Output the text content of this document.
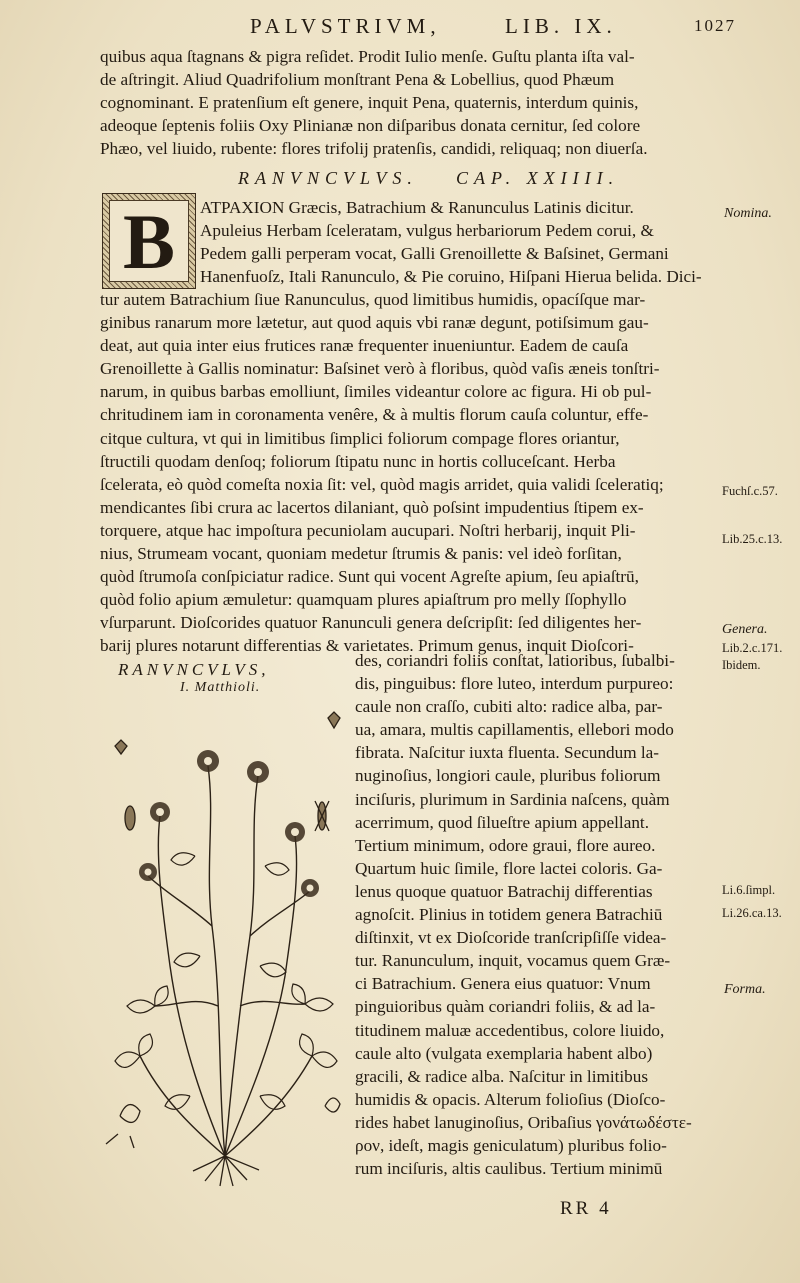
PALVSTRIVM,	LIB. IX.	1027
quibus aqua ſtagnans & pigra reſidet. Prodit Iulio menſe. Guſtu planta iſta val-
de aſtringit. Aliud Quadrifolium monſtrant Pena & Lobellius, quod Phæum
cognominant. E pratenſium eſt genere, inquit Pena, quaternis, interdum quinis,
adeoque ſeptenis foliis Oxy Plinianæ non diſparibus donata cernitur, ſed colore
Phæo, vel liuido, rubente: flores trifolij pratenſis, candidi, reliquaq; non diuerſa.
RANVNCVLVS. CAP. XXIIII.
B	ATPAXION Græcis, Batrachium & Ranunculus Latinis dicitur.
Apuleius Herbam ſceleratam, vulgus herbariorum Pedem corui, &
Pedem galli perperam vocat, Galli Grenoillette & Baſsinet, Germani
Hanenfuoſz, Itali Ranunculo, & Pie coruino, Hiſpani Hierua belida. Dici-
tur autem Batrachium ſiue Ranunculus, quod limitibus humidis, opacíſque mar-
ginibus ranarum more lætetur, aut quod aquis vbi ranæ degunt, potiſsimum gau-
deat, aut quia inter eius frutices ranæ frequenter inueniuntur. Eadem de cauſa
Grenoillette à Gallis nominatur: Baſsinet verò à floribus, quòd vaſis æneis tonſtri-
narum, in quibus barbas emolliunt, ſimiles videantur colore ac figura. Hi ob pul-
chritudinem iam in coronamenta venêre, & à multis florum cauſa coluntur, effe-
citque cultura, vt qui in limitibus ſimplici foliorum compage flores oriantur,
ſtructili quodam denſoq; foliorum ſtipatu nunc in hortis colluceſcant. Herba
ſcelerata, eò quòd comeſta noxia ſit: vel, quòd magis arridet, quia validi ſceleratiq;
mendicantes ſibi crura ac lacertos dilaniant, quò poſsint impudentius ſtipem ex-
torquere, atque hac impoſtura pecuniolam aucupari. Noſtri herbarij, inquit Pli-
nius, Strumeam vocant, quoniam medetur ſtrumis & panis: vel ideò forſitan,
quòd ſtrumoſa conſpiciatur radice. Sunt qui vocent Agreſte apium, ſeu apiaſtrū,
quòd folio apium æmuletur: quamquam plures apiaſtrum pro melly ſſophyllo
vſurparunt. Dioſcorides quatuor Ranunculi genera deſcripſit: ſed diligentes her-
barij plures notarunt differentias & varietates. Primum genus, inquit Dioſcori-
RANVNCVLVS,
I. Matthioli.
des, coriandri foliis conſtat, latioribus, ſubalbi-
dis, pinguibus: flore luteo, interdum purpureo:
caule non craſſo, cubiti alto: radice alba, par-
ua, amara, multis capillamentis, ellebori modo
fibrata. Naſcitur iuxta fluenta. Secundum la-
nuginoſius, longiori caule, pluribus foliorum
inciſuris, plurimum in Sardinia naſcens, quàm
acerrimum, quod ſilueſtre apium appellant.
Tertium minimum, odore graui, flore aureo.
Quartum huic ſimile, flore lactei coloris. Ga-
lenus quoque quatuor Batrachij differentias
agnoſcit. Plinius in totidem genera Batrachiū
diſtinxit, vt ex Dioſcoride tranſcripſiſſe videa-
tur. Ranunculum, inquit, vocamus quem Græ-
ci Batrachium. Genera eius quatuor: Vnum
pinguioribus quàm coriandri foliis, & ad la-
titudinem maluæ accedentibus, colore liuido,
caule alto (vulgata exemplaria habent albo)
gracili, & radice alba. Naſcitur in limitibus
humidis & opacis. Alterum folioſius (Dioſco-
rides habet lanuginoſius, Oribaſius γονάτωδέστε-
ρον, ideſt, magis geniculatum) pluribus folio-
rum inciſuris, altis caulibus. Tertium minimū
Nomina.
Fuchſ.c.57.
Lib.25.c.13.
Genera.
Lib.2.c.171.
Ibidem.
Li.6.ſimpl.
Li.26.ca.13.
Forma.
RR 4
